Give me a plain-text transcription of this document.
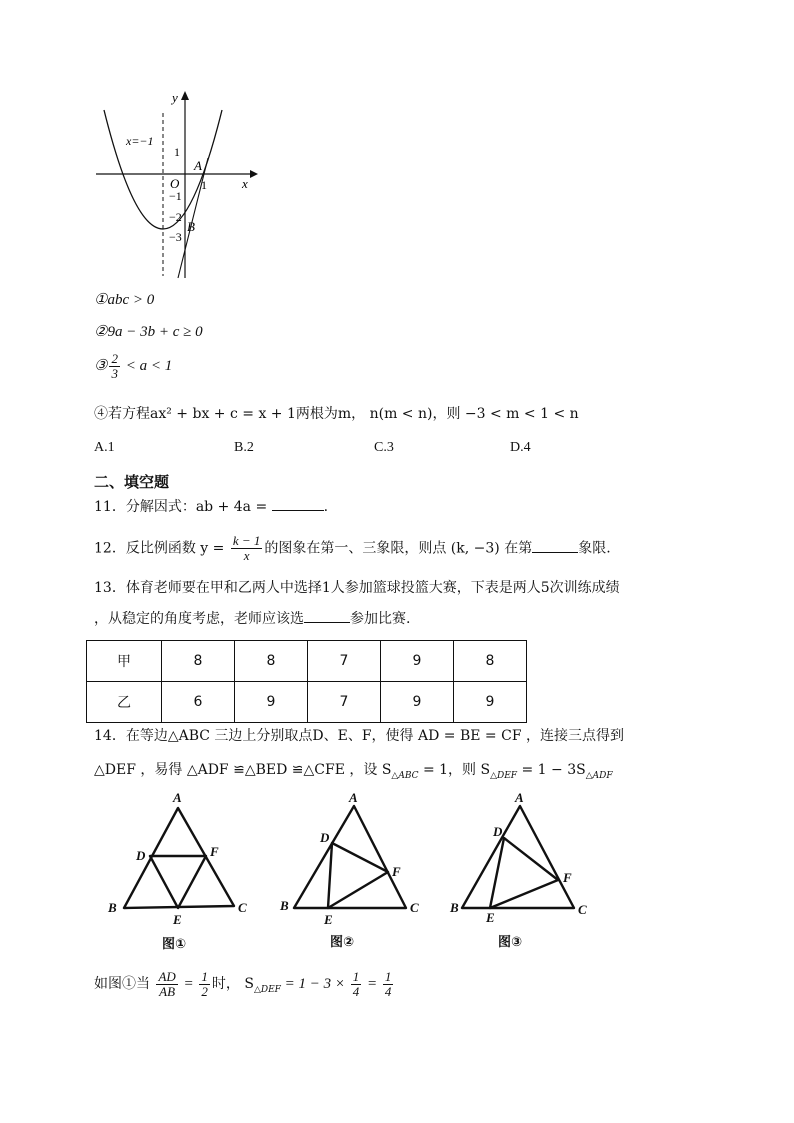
y
x
x=−1
O 1
1
−1
−2
−3
A
B
①abc > 0
②9a − 3b + c ≥ 0
③ $\frac{2}{3} < a < 1$
④若方程ax² + bx + c = x + 1两根为m， n(m < n)，则 −3 < m < 1 < n
A.1	B.2	C.3	D.4
二、填空题
11．分解因式：ab + 4a =	.
12．反比例函数 $y = \frac{k - 1}{x}$ 的图象在第一、三象限，则点 (k, −3) 在第	象限.
13．体育老师要在甲和乙两人中选择1人参加篮球投篮大赛，下表是两人5次训练成绩
，从稳定的角度考虑，老师应该选	参加比赛.
甲	8	8	7	9	8
乙	6	9	7	9	9
14．在等边△ABC 三边上分别取点D、E、F，使得 AD = BE = CF ，连接三点得到
△DEF ，易得 △ADF ≌△BED ≌△CFE ，设 $S_{\triangle ABC} = 1$，则 $S_{\triangle DEF} = 1 - 3S_{\triangle ADF}$
A
B	C
D
E
F
A
B	C
D
E
F
A
B	C
D
E
F
图①	图②	图③
如图①当 $\frac{AD}{AB} = \frac{1}{2}$ 时， $S_{\triangle DEF} = 1 - 3 \times \frac{1}{4} = \frac{1}{4}$
